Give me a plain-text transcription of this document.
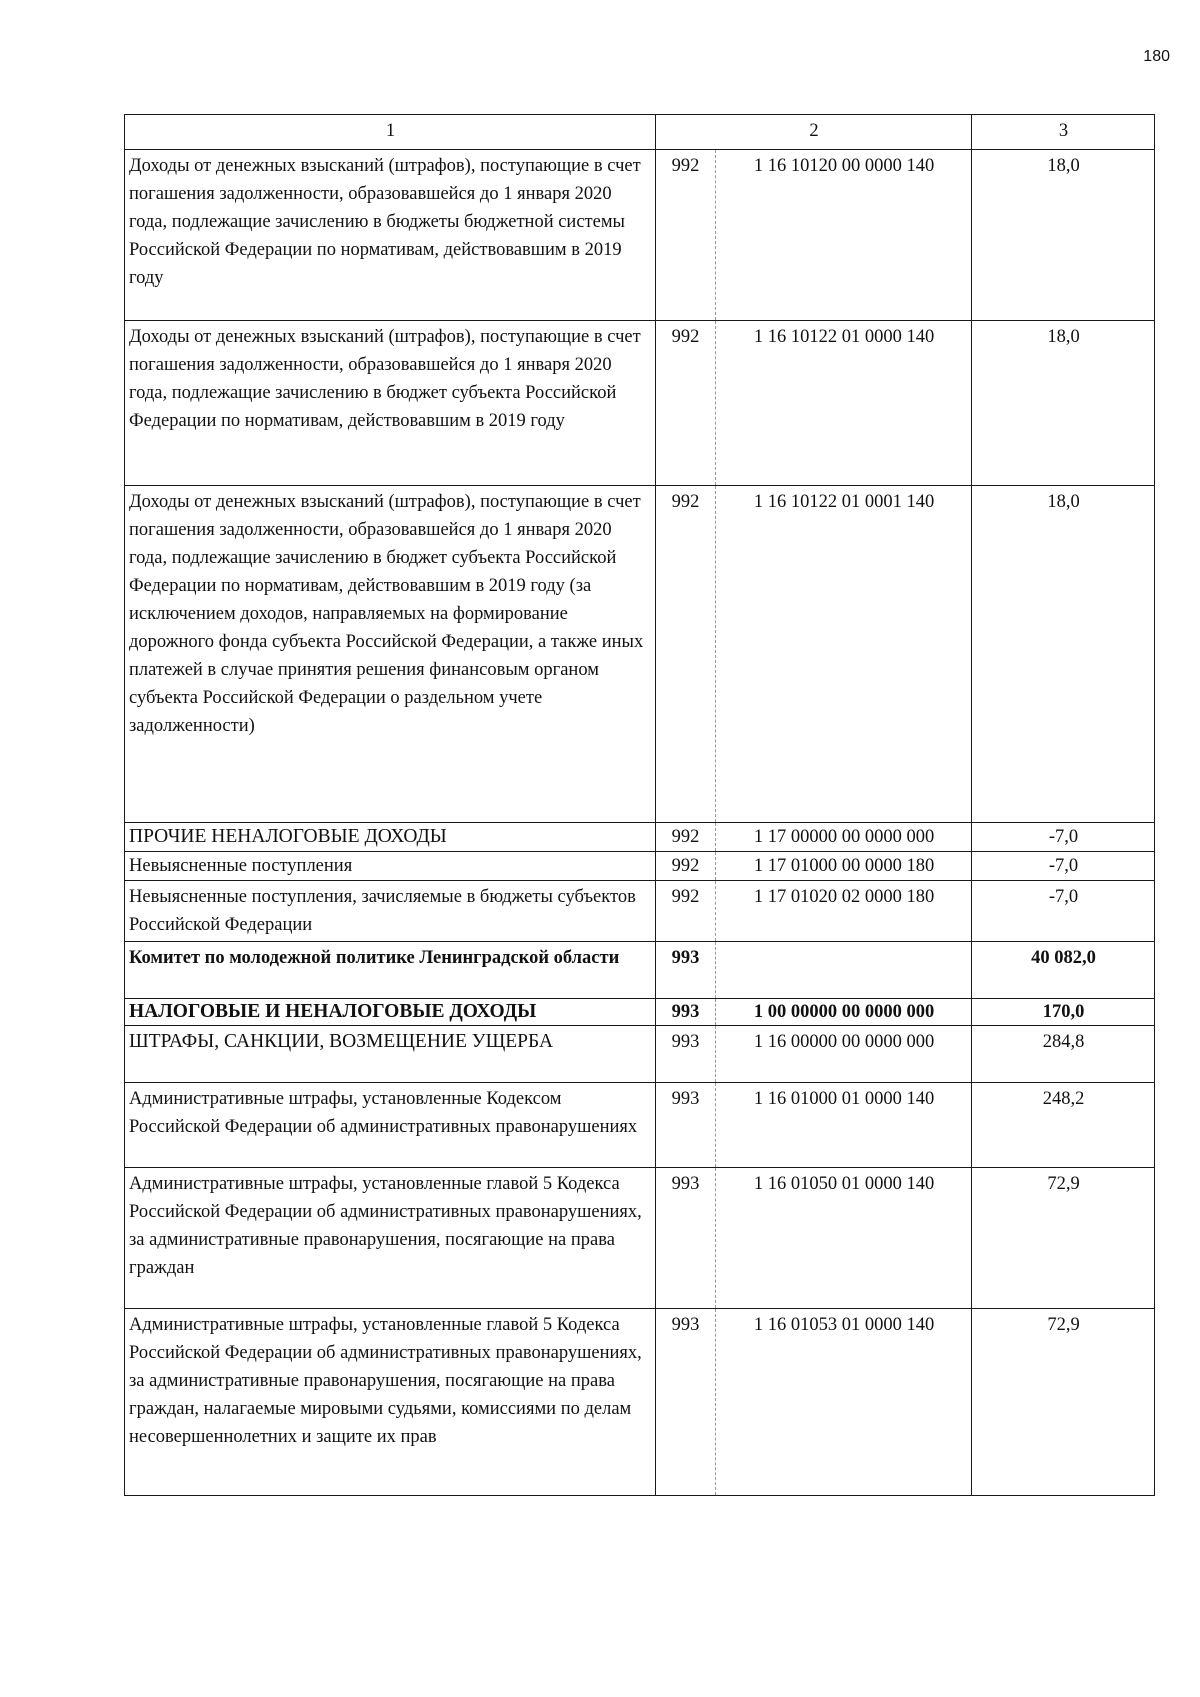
180
1	2		3
Доходы от денежных взысканий (штрафов), поступающие в счет погашения задолженности, образовавшейся до 1 января 2020 года, подлежащие зачислению в бюджеты бюджетной системы Российской Федерации по нормативам, действовавшим в 2019 году	992	1 16 10120 00 0000 140	18,0
Доходы от денежных взысканий (штрафов), поступающие в счет погашения задолженности, образовавшейся до 1 января 2020 года, подлежащие зачислению в бюджет субъекта Российской Федерации по нормативам, действовавшим в 2019 году	992	1 16 10122 01 0000 140	18,0
Доходы от денежных взысканий (штрафов), поступающие в счет погашения задолженности, образовавшейся до 1 января 2020 года, подлежащие зачислению в бюджет субъекта Российской Федерации по нормативам, действовавшим в 2019 году (за исключением доходов, направляемых на формирование дорожного фонда субъекта Российской Федерации, а также иных платежей в случае принятия решения финансовым органом субъекта Российской Федерации о раздельном учете задолженности)	992	1 16 10122 01 0001 140	18,0
ПРОЧИЕ НЕНАЛОГОВЫЕ ДОХОДЫ	992	1 17 00000 00 0000 000	-7,0
Невыясненные поступления	992	1 17 01000 00 0000 180	-7,0
Невыясненные поступления, зачисляемые в бюджеты субъектов Российской Федерации	992	1 17 01020 02 0000 180	-7,0
Комитет по молодежной политике Ленинградской области	993		40 082,0
НАЛОГОВЫЕ И НЕНАЛОГОВЫЕ ДОХОДЫ	993	1 00 00000 00 0000 000	170,0
ШТРАФЫ, САНКЦИИ, ВОЗМЕЩЕНИЕ УЩЕРБА	993	1 16 00000 00 0000 000	284,8
Административные штрафы, установленные Кодексом Российской Федерации об административных правонарушениях	993	1 16 01000 01 0000 140	248,2
Административные штрафы, установленные главой 5 Кодекса Российской Федерации об административных правонарушениях, за административные правонарушения, посягающие на права граждан	993	1 16 01050 01 0000 140	72,9
Административные штрафы, установленные главой 5 Кодекса Российской Федерации об административных правонарушениях, за административные правонарушения, посягающие на права граждан, налагаемые мировыми судьями, комиссиями по делам несовершеннолетних и защите их прав	993	1 16 01053 01 0000 140	72,9
